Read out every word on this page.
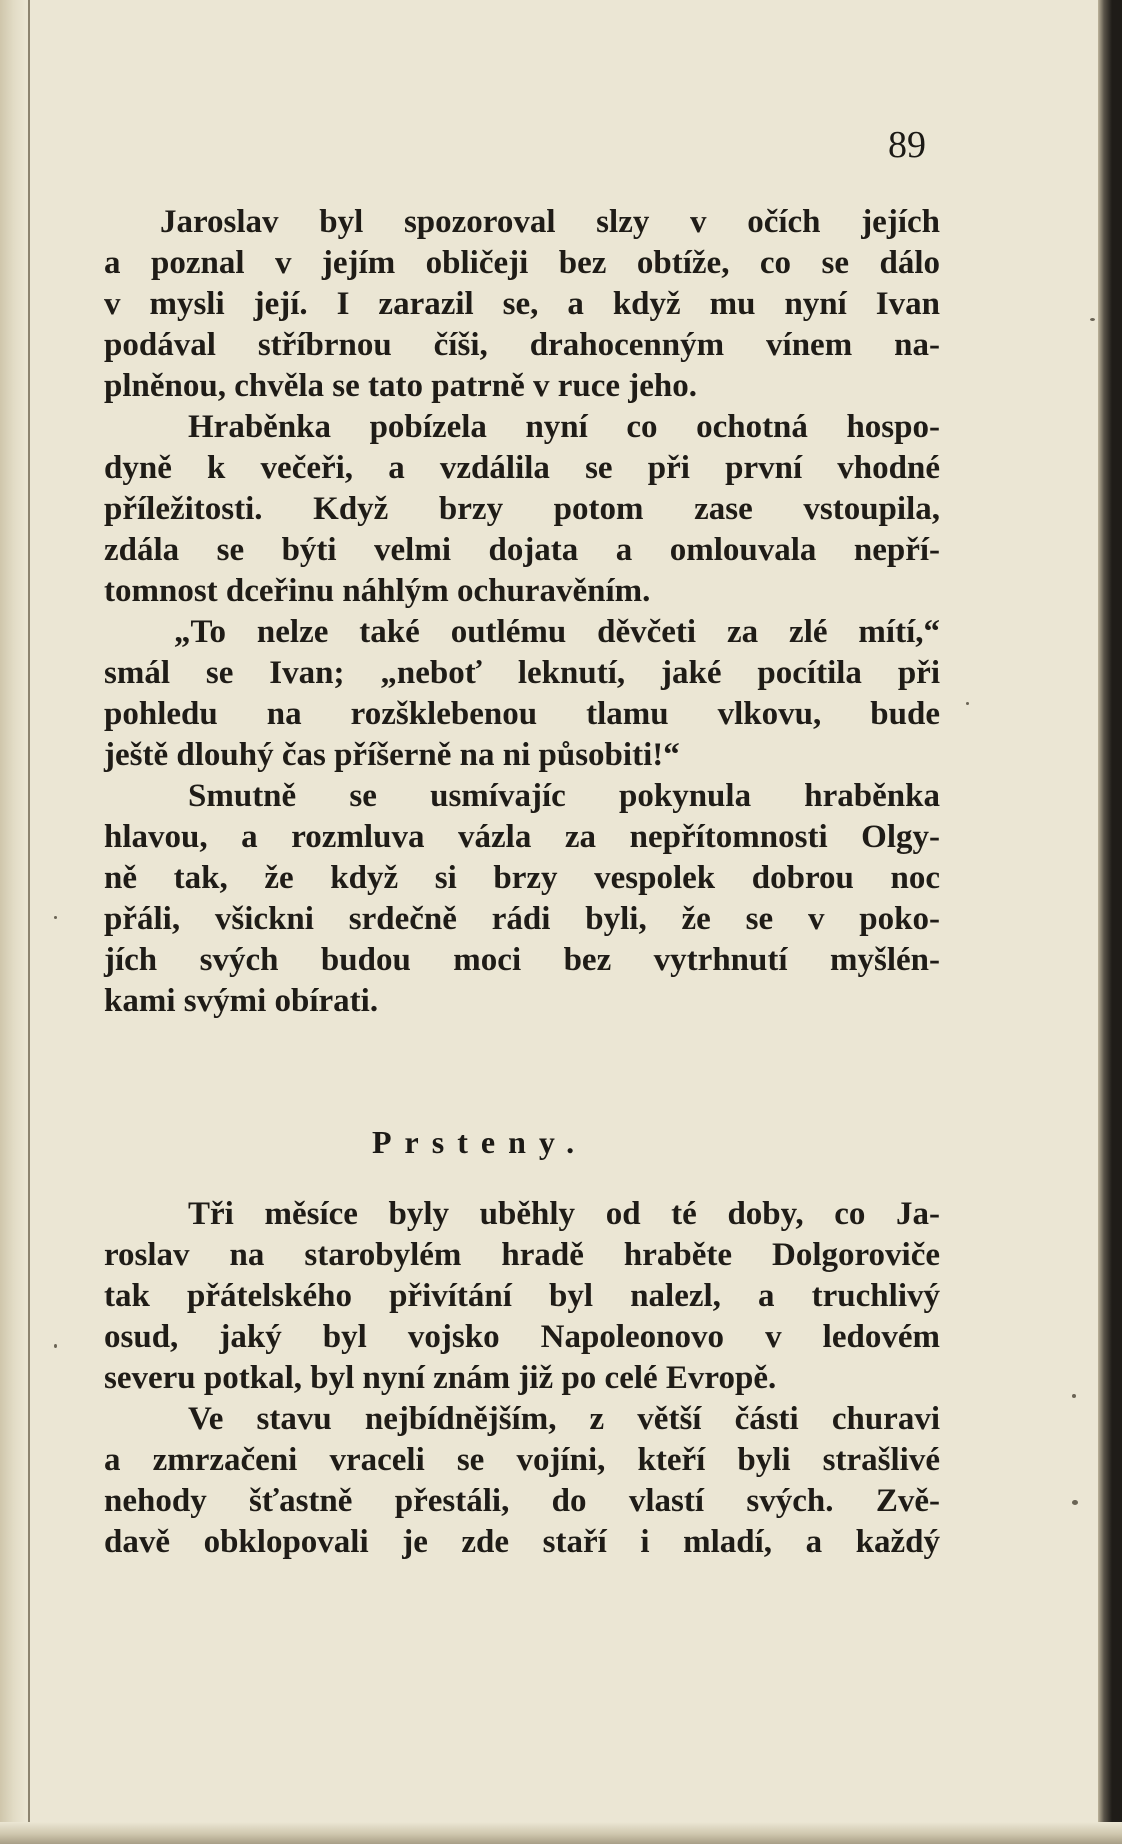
89
Jaroslav byl spozoroval slzy v očích jejích
a poznal v jejím obličeji bez obtíže, co se dálo
v mysli její. I zarazil se, a když mu nyní Ivan
podával stříbrnou číši, drahocenným vínem na-
plněnou, chvěla se tato patrně v ruce jeho.
Hraběnka pobízela nyní co ochotná hospo-
dyně k večeři, a vzdálila se při první vhodné
příležitosti. Když brzy potom zase vstoupila,
zdála se býti velmi dojata a omlouvala nepří-
tomnost dceřinu náhlým ochuravěním.
„To nelze také outlému děvčeti za zlé mítí,“
smál se Ivan; „neboť leknutí, jaké pocítila při
pohledu na rozšklebenou tlamu vlkovu, bude
ještě dlouhý čas příšerně na ni působiti!“
Smutně se usmívajíc pokynula hraběnka
hlavou, a rozmluva vázla za nepřítomnosti Olgy-
ně tak, že když si brzy vespolek dobrou noc
přáli, všickni srdečně rádi byli, že se v poko-
jích svých budou moci bez vytrhnutí myšlén-
kami svými obírati.
Prsteny.
Tři měsíce byly uběhly od té doby, co Ja-
roslav na starobylém hradě hraběte Dolgoroviče
tak přátelského přivítání byl nalezl, a truchlivý
osud, jaký byl vojsko Napoleonovo v ledovém
severu potkal, byl nyní znám již po celé Evropě.
Ve stavu nejbídnějším, z větší části churavi
a zmrzačeni vraceli se vojíni, kteří byli strašlivé
nehody šťastně přestáli, do vlastí svých. Zvě-
davě obklopovali je zde staří i mladí, a každý
